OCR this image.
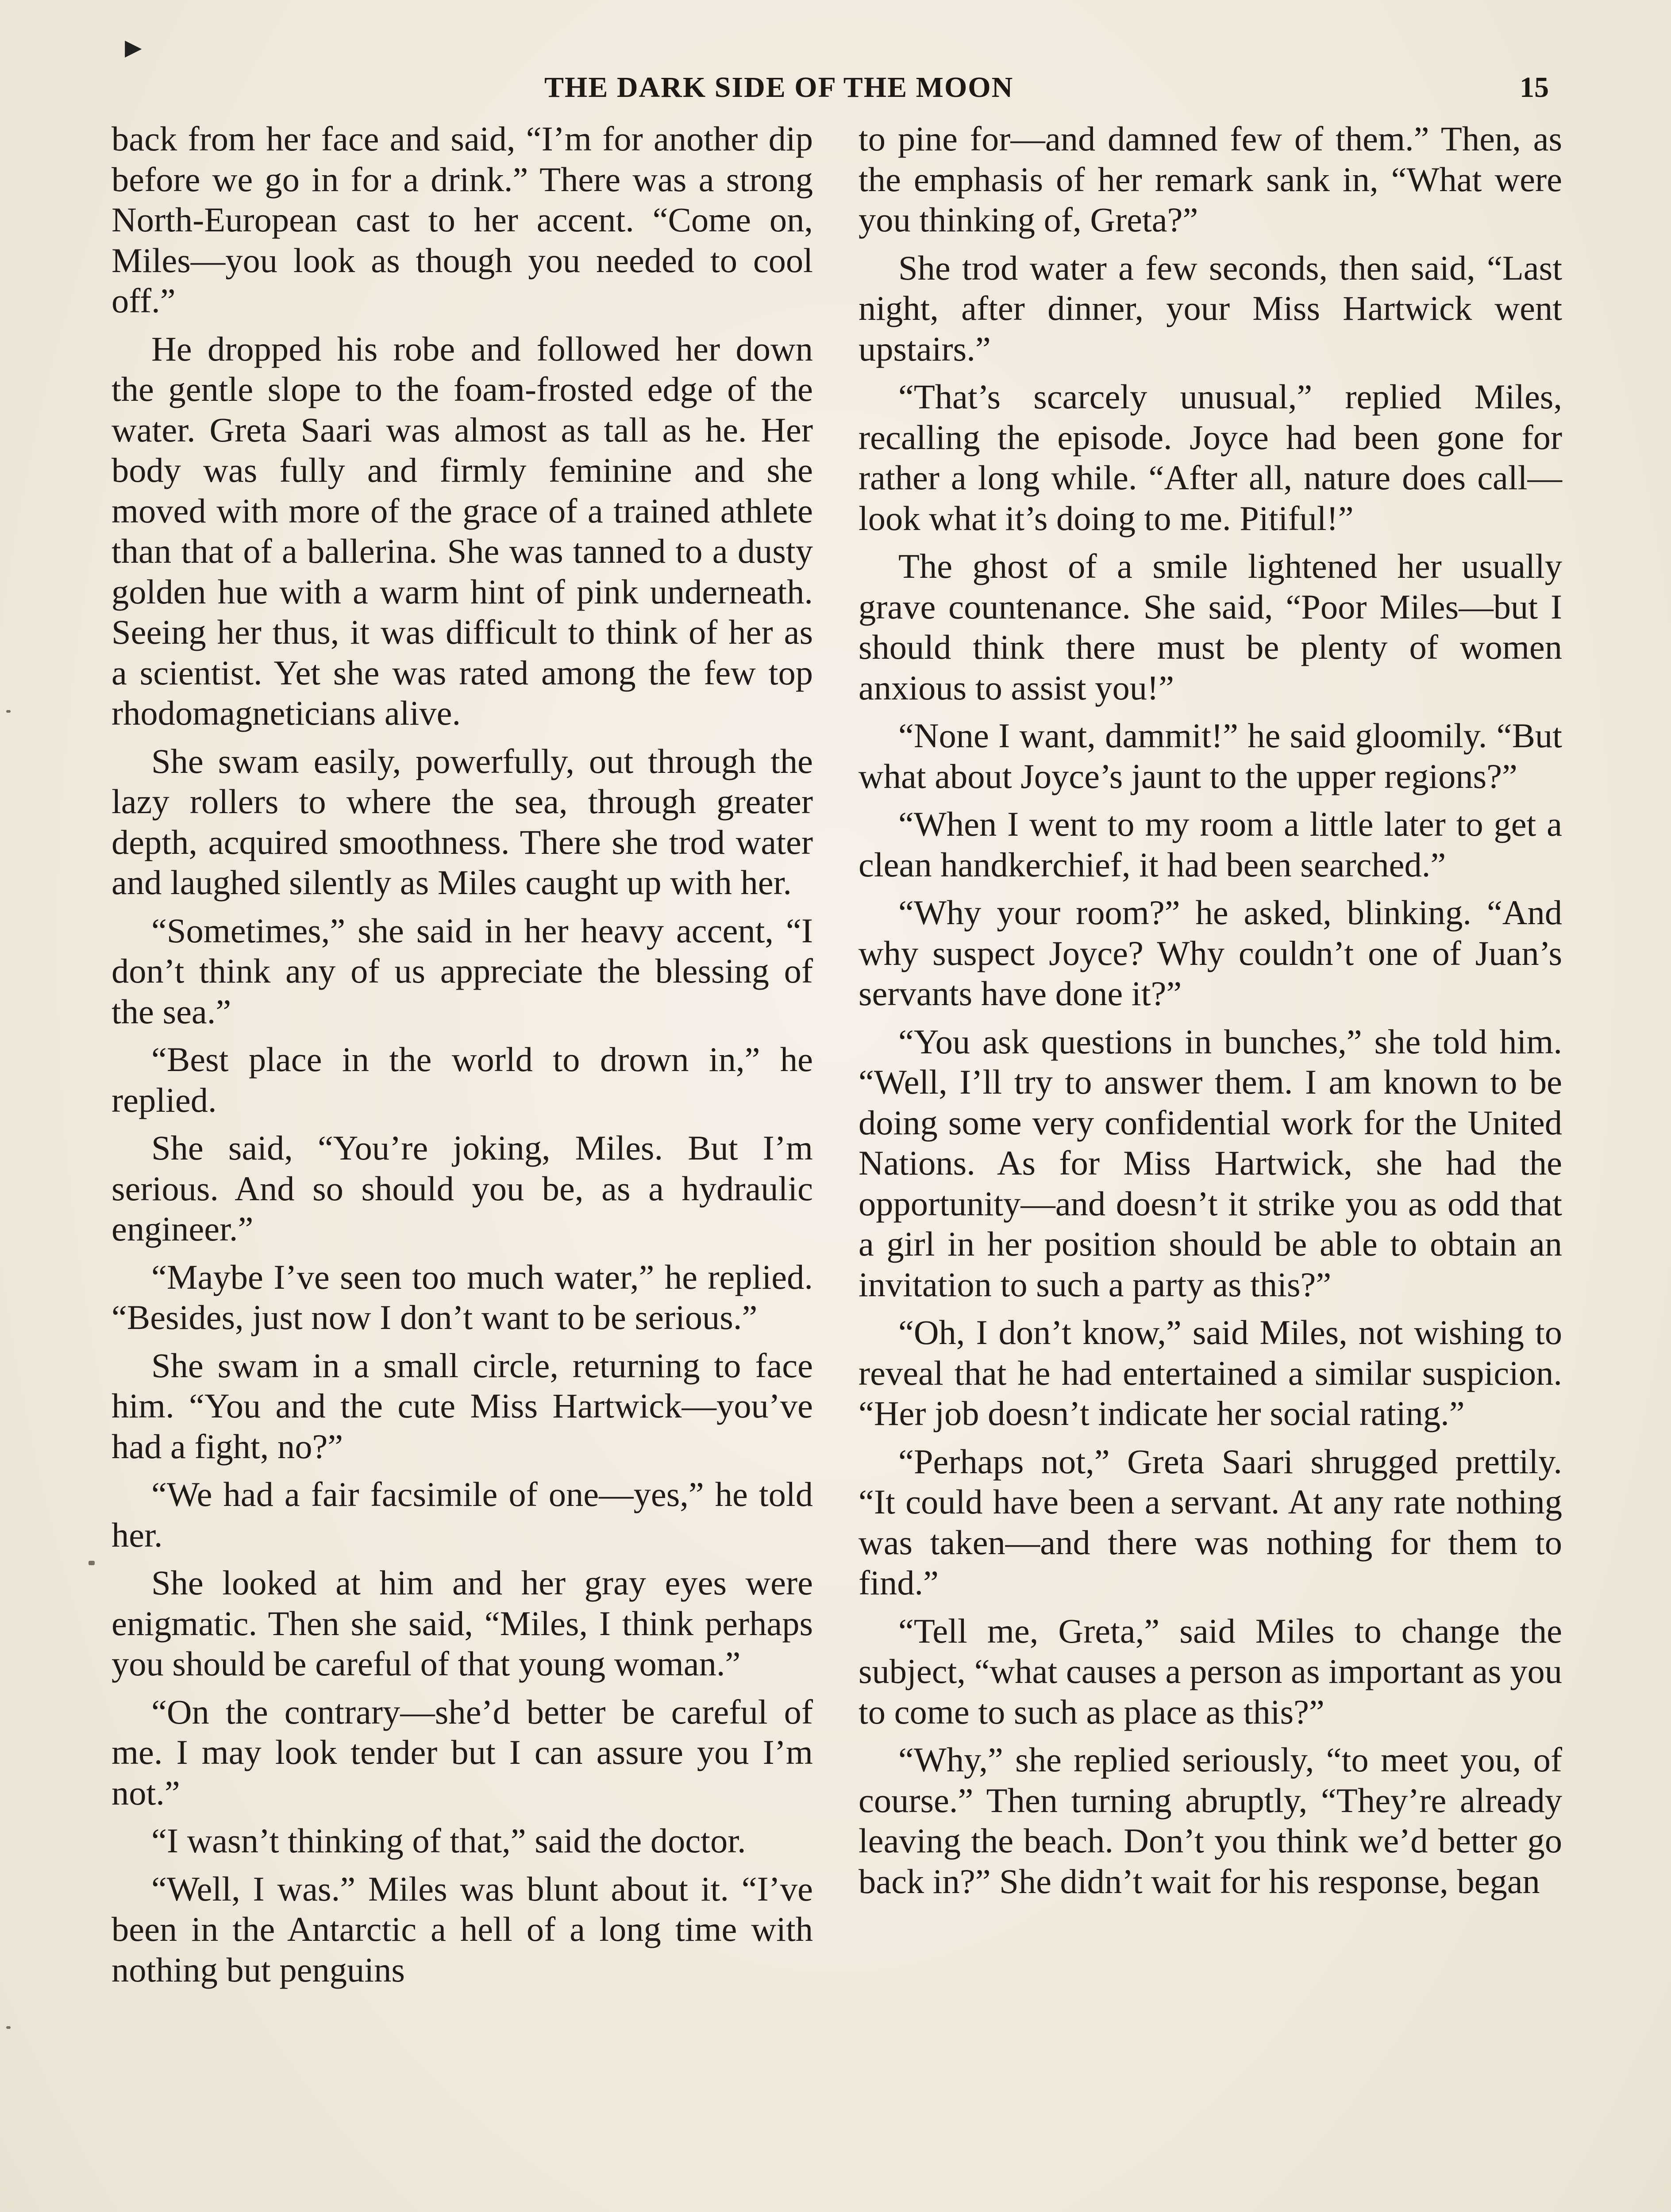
▶
THE DARK SIDE OF THE MOON	15

back from her face and said, “I’m for another dip before we go in for a drink.” There was a strong North-European cast to her accent. “Come on, Miles—you look as though you needed to cool off.”

He dropped his robe and followed her down the gentle slope to the foam-frosted edge of the water. Greta Saari was almost as tall as he. Her body was fully and firmly feminine and she moved with more of the grace of a trained athlete than that of a ballerina. She was tanned to a dusty golden hue with a warm hint of pink underneath. Seeing her thus, it was difficult to think of her as a scientist. Yet she was rated among the few top rhodomagneticians alive.

She swam easily, powerfully, out through the lazy rollers to where the sea, through greater depth, acquired smoothness. There she trod water and laughed silently as Miles caught up with her.

“Sometimes,” she said in her heavy accent, “I don’t think any of us appreciate the blessing of the sea.”

“Best place in the world to drown in,” he replied.

She said, “You’re joking, Miles. But I’m serious. And so should you be, as a hydraulic engineer.”

“Maybe I’ve seen too much water,” he replied. “Besides, just now I don’t want to be serious.”

She swam in a small circle, returning to face him. “You and the cute Miss Hartwick—you’ve had a fight, no?”

“We had a fair facsimile of one—yes,” he told her.

She looked at him and her gray eyes were enigmatic. Then she said, “Miles, I think perhaps you should be careful of that young woman.”

“On the contrary—she’d better be careful of me. I may look tender but I can assure you I’m not.”

“I wasn’t thinking of that,” said the doctor.

“Well, I was.” Miles was blunt about it. “I’ve been in the Antarctic a hell of a long time with nothing but penguins

to pine for—and damned few of them.” Then, as the emphasis of her remark sank in, “What were you thinking of, Greta?”

She trod water a few seconds, then said, “Last night, after dinner, your Miss Hartwick went upstairs.”

“That’s scarcely unusual,” replied Miles, recalling the episode. Joyce had been gone for rather a long while. “After all, nature does call—look what it’s doing to me. Pitiful!”

The ghost of a smile lightened her usually grave countenance. She said, “Poor Miles—but I should think there must be plenty of women anxious to assist you!”

“None I want, dammit!” he said gloomily. “But what about Joyce’s jaunt to the upper regions?”

“When I went to my room a little later to get a clean handkerchief, it had been searched.”

“Why your room?” he asked, blinking. “And why suspect Joyce? Why couldn’t one of Juan’s servants have done it?”

“You ask questions in bunches,” she told him. “Well, I’ll try to answer them. I am known to be doing some very confidential work for the United Nations. As for Miss Hartwick, she had the opportunity—and doesn’t it strike you as odd that a girl in her position should be able to obtain an invitation to such a party as this?”

“Oh, I don’t know,” said Miles, not wishing to reveal that he had entertained a similar suspicion. “Her job doesn’t indicate her social rating.”

“Perhaps not,” Greta Saari shrugged prettily. “It could have been a servant. At any rate nothing was taken—and there was nothing for them to find.”

“Tell me, Greta,” said Miles to change the subject, “what causes a person as important as you to come to such as place as this?”

“Why,” she replied seriously, “to meet you, of course.” Then turning abruptly, “They’re already leaving the beach. Don’t you think we’d better go back in?” She didn’t wait for his response, began
